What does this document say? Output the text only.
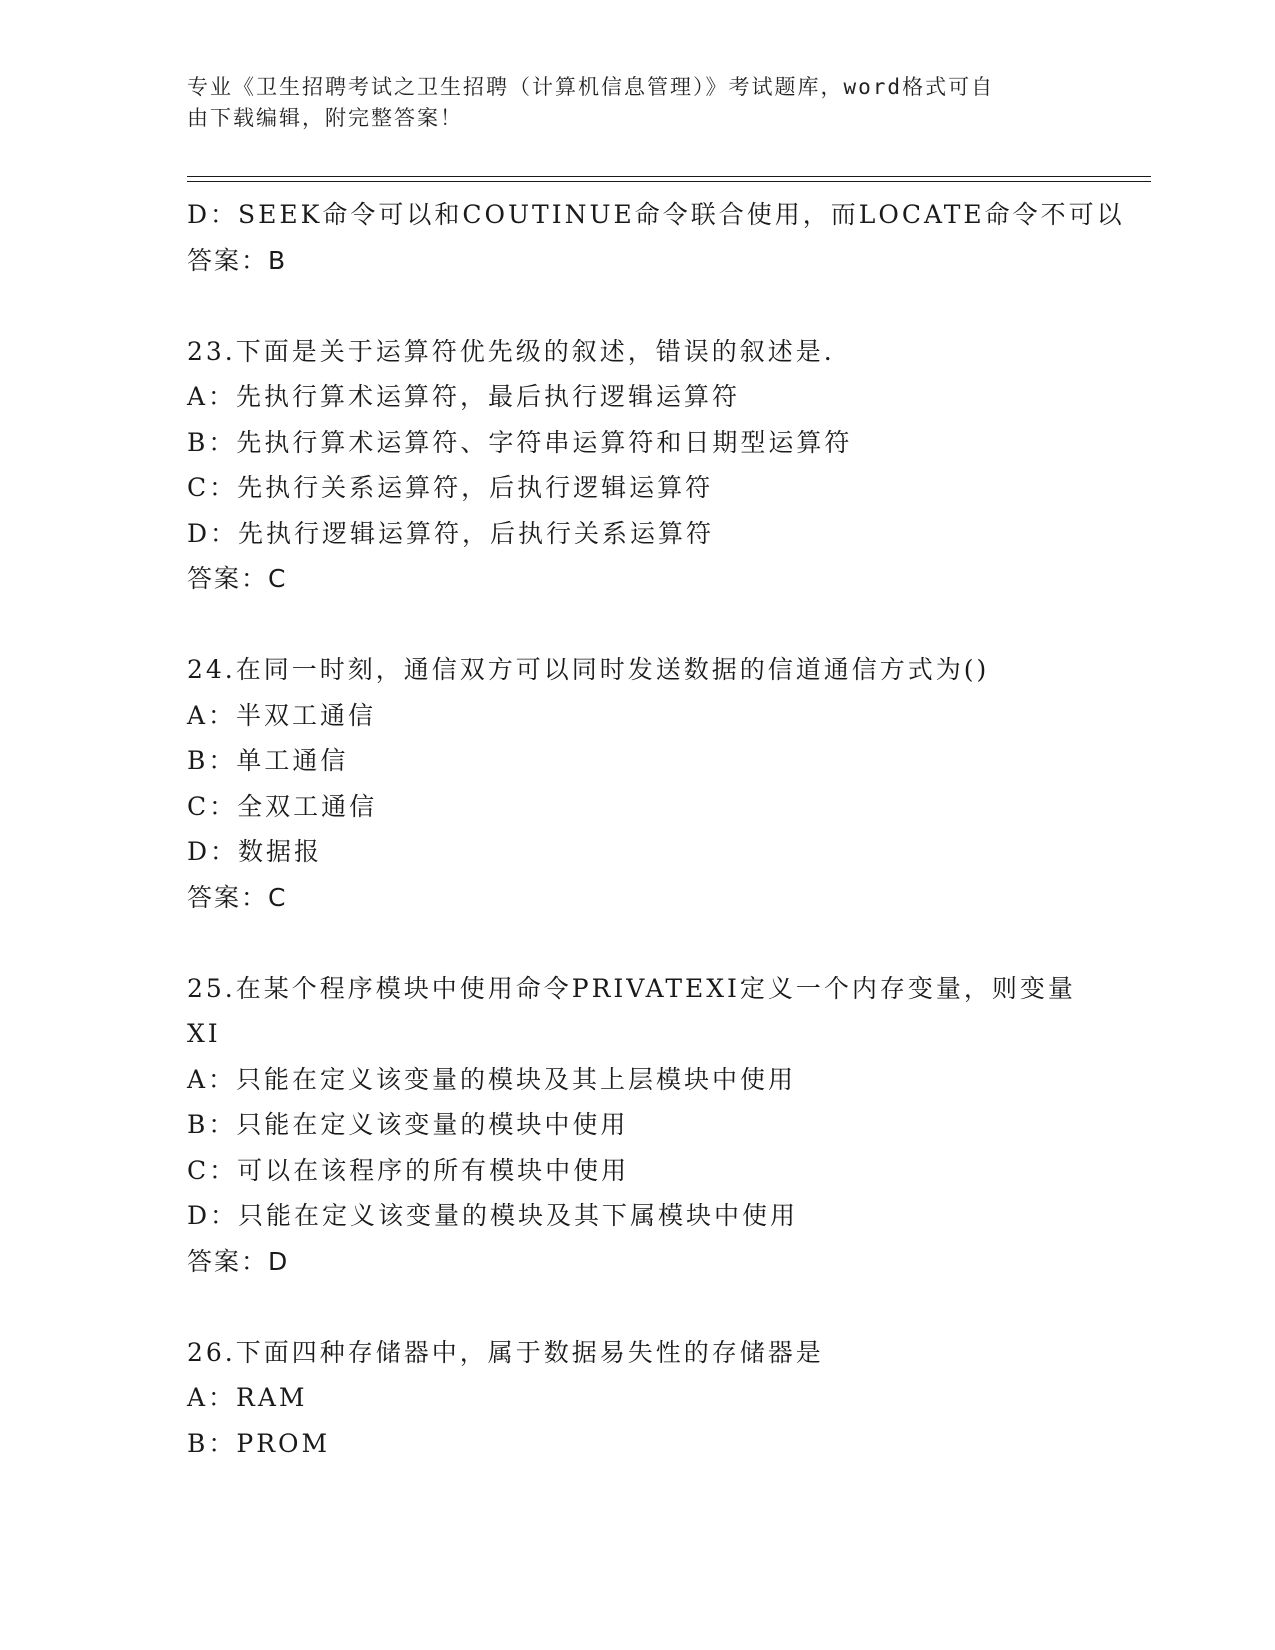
专业《卫生招聘考试之卫生招聘（计算机信息管理）》考试题库，word格式可自
由下载编辑，附完整答案！
D：SEEK命令可以和COUTINUE命令联合使用，而LOCATE命令不可以
答案：B
23.下面是关于运算符优先级的叙述，错误的叙述是.
A：先执行算术运算符，最后执行逻辑运算符
B：先执行算术运算符、字符串运算符和日期型运算符
C：先执行关系运算符，后执行逻辑运算符
D：先执行逻辑运算符，后执行关系运算符
答案：C
24.在同一时刻，通信双方可以同时发送数据的信道通信方式为()
A：半双工通信
B：单工通信
C：全双工通信
D：数据报
答案：C
25.在某个程序模块中使用命令PRIVATEXI定义一个内存变量，则变量
XI
A：只能在定义该变量的模块及其上层模块中使用
B：只能在定义该变量的模块中使用
C：可以在该程序的所有模块中使用
D：只能在定义该变量的模块及其下属模块中使用
答案：D
26.下面四种存储器中，属于数据易失性的存储器是
A：RAM
B：PROM
